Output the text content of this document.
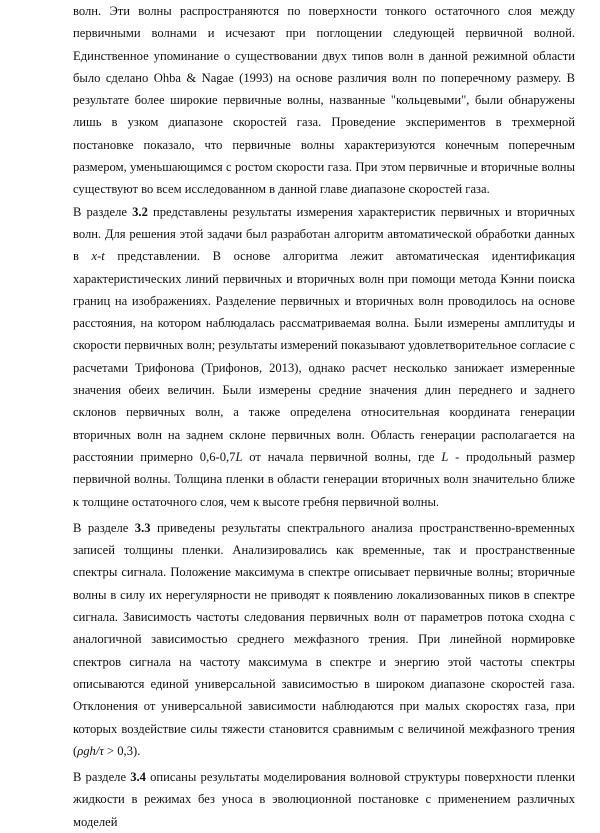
волн. Эти волны распространяются по поверхности тонкого остаточного слоя между первичными волнами и исчезают при поглощении следующей первичной волной. Единственное упоминание о существовании двух типов волн в данной режимной области было сделано Ohba & Nagae (1993) на основе различия волн по поперечному размеру. В результате более широкие первичные волны, названные "кольцевыми", были обнаружены лишь в узком диапазоне скоростей газа. Проведение экспериментов в трехмерной постановке показало, что первичные волны характеризуются конечным поперечным размером, уменьшающимся с ростом скорости газа. При этом первичные и вторичные волны существуют во всем исследованном в данной главе диапазоне скоростей газа.

В разделе 3.2 представлены результаты измерения характеристик первичных и вторичных волн. Для решения этой задачи был разработан алгоритм автоматической обработки данных в x-t представлении. В основе алгоритма лежит автоматическая идентификация характеристических линий первичных и вторичных волн при помощи метода Кэнни поиска границ на изображениях. Разделение первичных и вторичных волн проводилось на основе расстояния, на котором наблюдалась рассматриваемая волна. Были измерены амплитуды и скорости первичных волн; результаты измерений показывают удовлетворительное согласие с расчетами Трифонова (Трифонов, 2013), однако расчет несколько занижает измеренные значения обеих величин. Были измерены средние значения длин переднего и заднего склонов первичных волн, а также определена относительная координата генерации вторичных волн на заднем склоне первичных волн. Область генерации располагается на расстоянии примерно 0,6-0,7L от начала первичной волны, где L - продольный размер первичной волны. Толщина пленки в области генерации вторичных волн значительно ближе к толщине остаточного слоя, чем к высоте гребня первичной волны.

В разделе 3.3 приведены результаты спектрального анализа пространственно-временных записей толщины пленки. Анализировались как временные, так и пространственные спектры сигнала. Положение максимума в спектре описывает первичные волны; вторичные волны в силу их нерегулярности не приводят к появлению локализованных пиков в спектре сигнала. Зависимость частоты следования первичных волн от параметров потока сходна с аналогичной зависимостью среднего межфазного трения. При линейной нормировке спектров сигнала на частоту максимума в спектре и энергию этой частоты спектры описываются единой универсальной зависимостью в широком диапазоне скоростей газа. Отклонения от универсальной зависимости наблюдаются при малых скоростях газа, при которых воздействие силы тяжести становится сравнимым с величиной межфазного трения (ρgh/τ > 0,3).

В разделе 3.4 описаны результаты моделирования волновой структуры поверхности пленки жидкости в режимах без уноса в эволюционной постановке с применением различных моделей
